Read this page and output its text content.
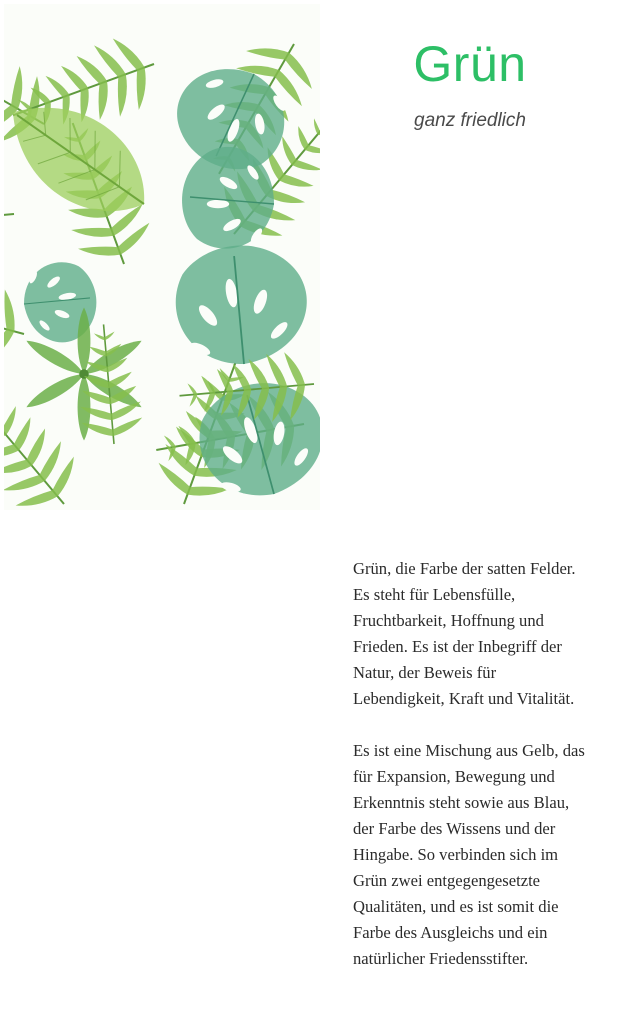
Grün

ganz friedlich

Grün, die Farbe der satten Felder.
Es steht für Lebensfülle,
Fruchtbarkeit, Hoffnung und
Frieden. Es ist der Inbegriff der
Natur, der Beweis für
Lebendigkeit, Kraft und Vitalität.

Es ist eine Mischung aus Gelb, das
für Expansion, Bewegung und
Erkenntnis steht sowie aus Blau,
der Farbe des Wissens und der
Hingabe. So verbinden sich im
Grün zwei entgegengesetzte
Qualitäten, und es ist somit die
Farbe des Ausgleichs und ein
natürlicher Friedensstifter.
